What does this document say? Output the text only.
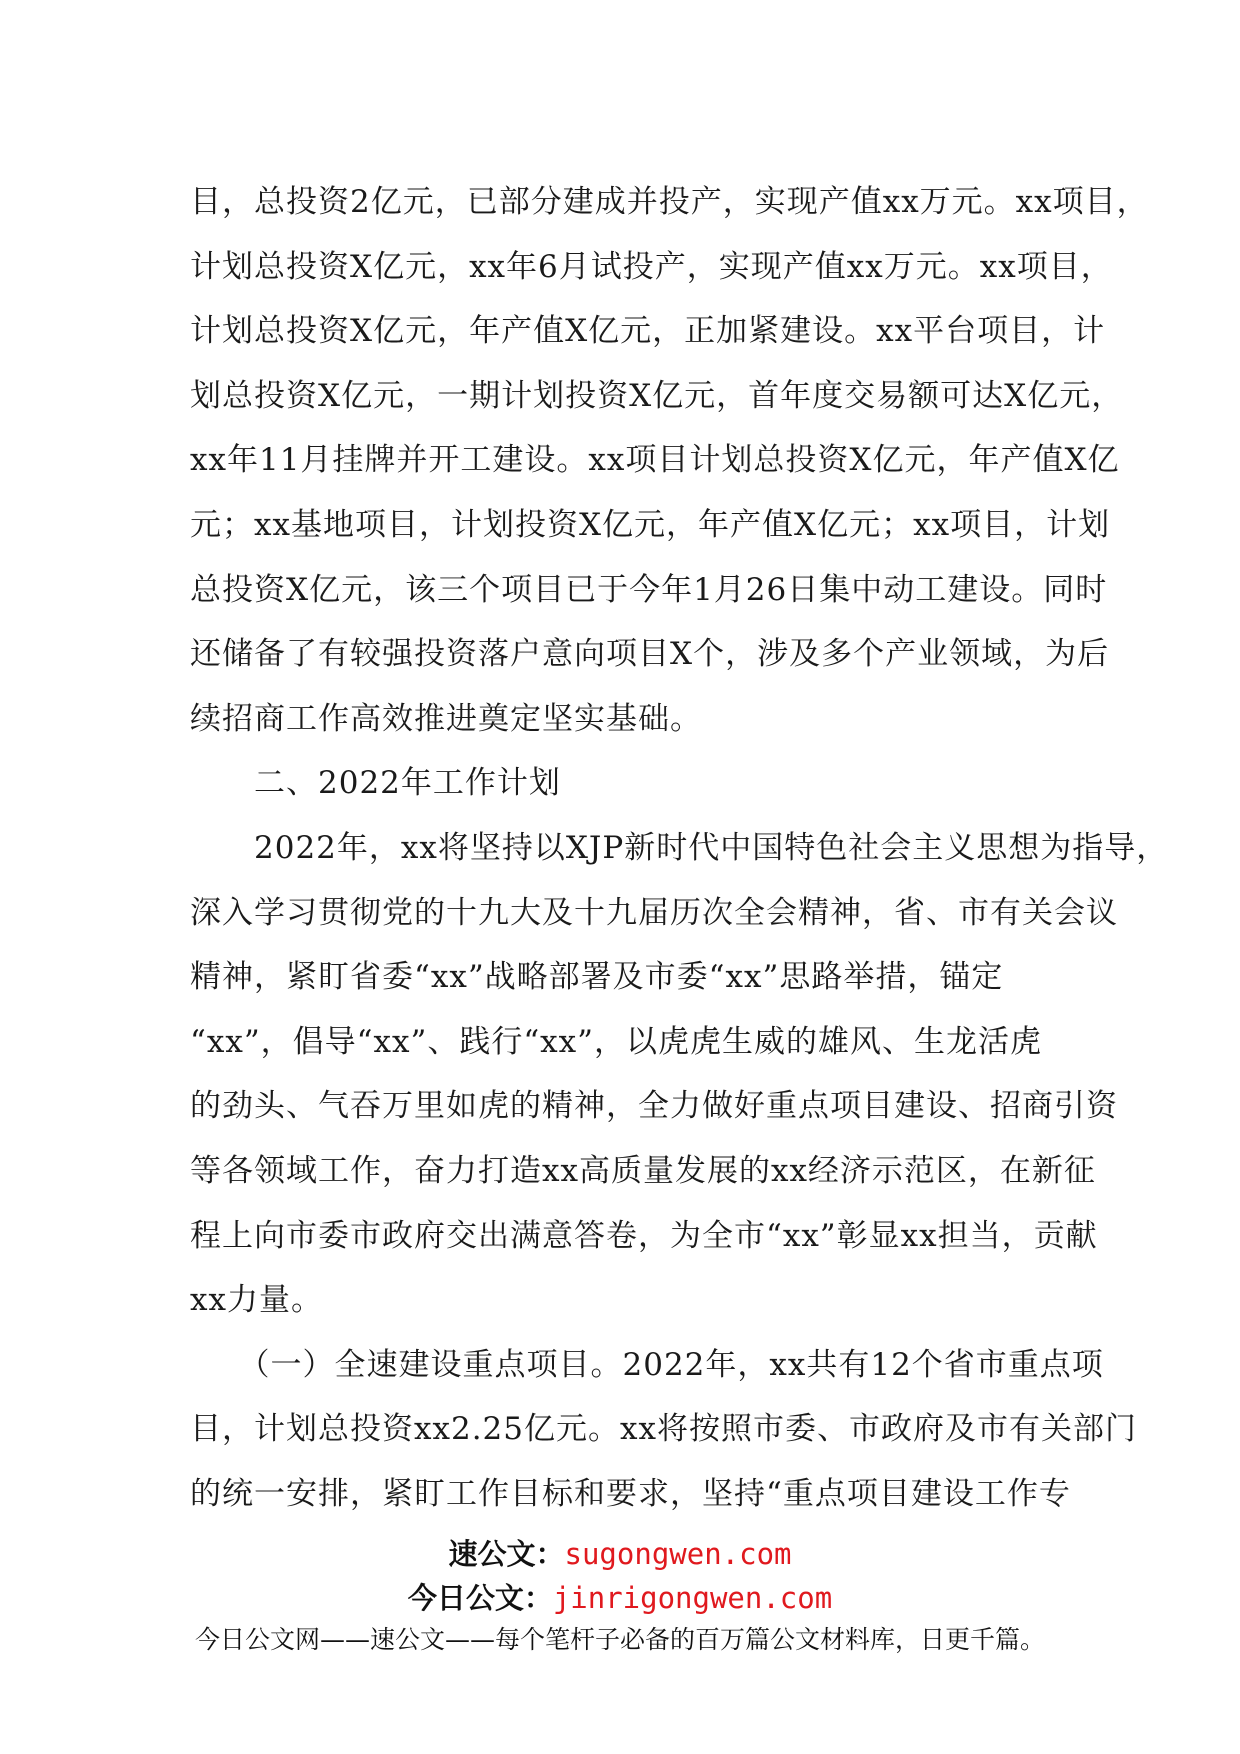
目，总投资2亿元，已部分建成并投产，实现产值xx万元。xx项目，
计划总投资X亿元，xx年6月试投产，实现产值xx万元。xx项目，
计划总投资X亿元，年产值X亿元，正加紧建设。xx平台项目，计
划总投资X亿元，一期计划投资X亿元，首年度交易额可达X亿元，
xx年11月挂牌并开工建设。xx项目计划总投资X亿元，年产值X亿
元；xx基地项目，计划投资X亿元，年产值X亿元；xx项目，计划
总投资X亿元，该三个项目已于今年1月26日集中动工建设。同时
还储备了有较强投资落户意向项目X个，涉及多个产业领域，为后
续招商工作高效推进奠定坚实基础。
　　二、2022年工作计划
　　2022年，xx将坚持以XJP新时代中国特色社会主义思想为指导，
深入学习贯彻党的十九大及十九届历次全会精神，省、市有关会议
精神，紧盯省委“xx”战略部署及市委“xx”思路举措，锚定
“xx”，倡导“xx”、践行“xx”，以虎虎生威的雄风、生龙活虎
的劲头、气吞万里如虎的精神，全力做好重点项目建设、招商引资
等各领域工作，奋力打造xx高质量发展的xx经济示范区，在新征
程上向市委市政府交出满意答卷，为全市“xx”彰显xx担当，贡献
xx力量。
　　（一）全速建设重点项目。2022年，xx共有12个省市重点项
目，计划总投资xx2.25亿元。xx将按照市委、市政府及市有关部门
的统一安排，紧盯工作目标和要求，坚持“重点项目建设工作专
速公文：sugongwen.com
今日公文：jinrigongwen.com
今日公文网——速公文——每个笔杆子必备的百万篇公文材料库，日更千篇。
